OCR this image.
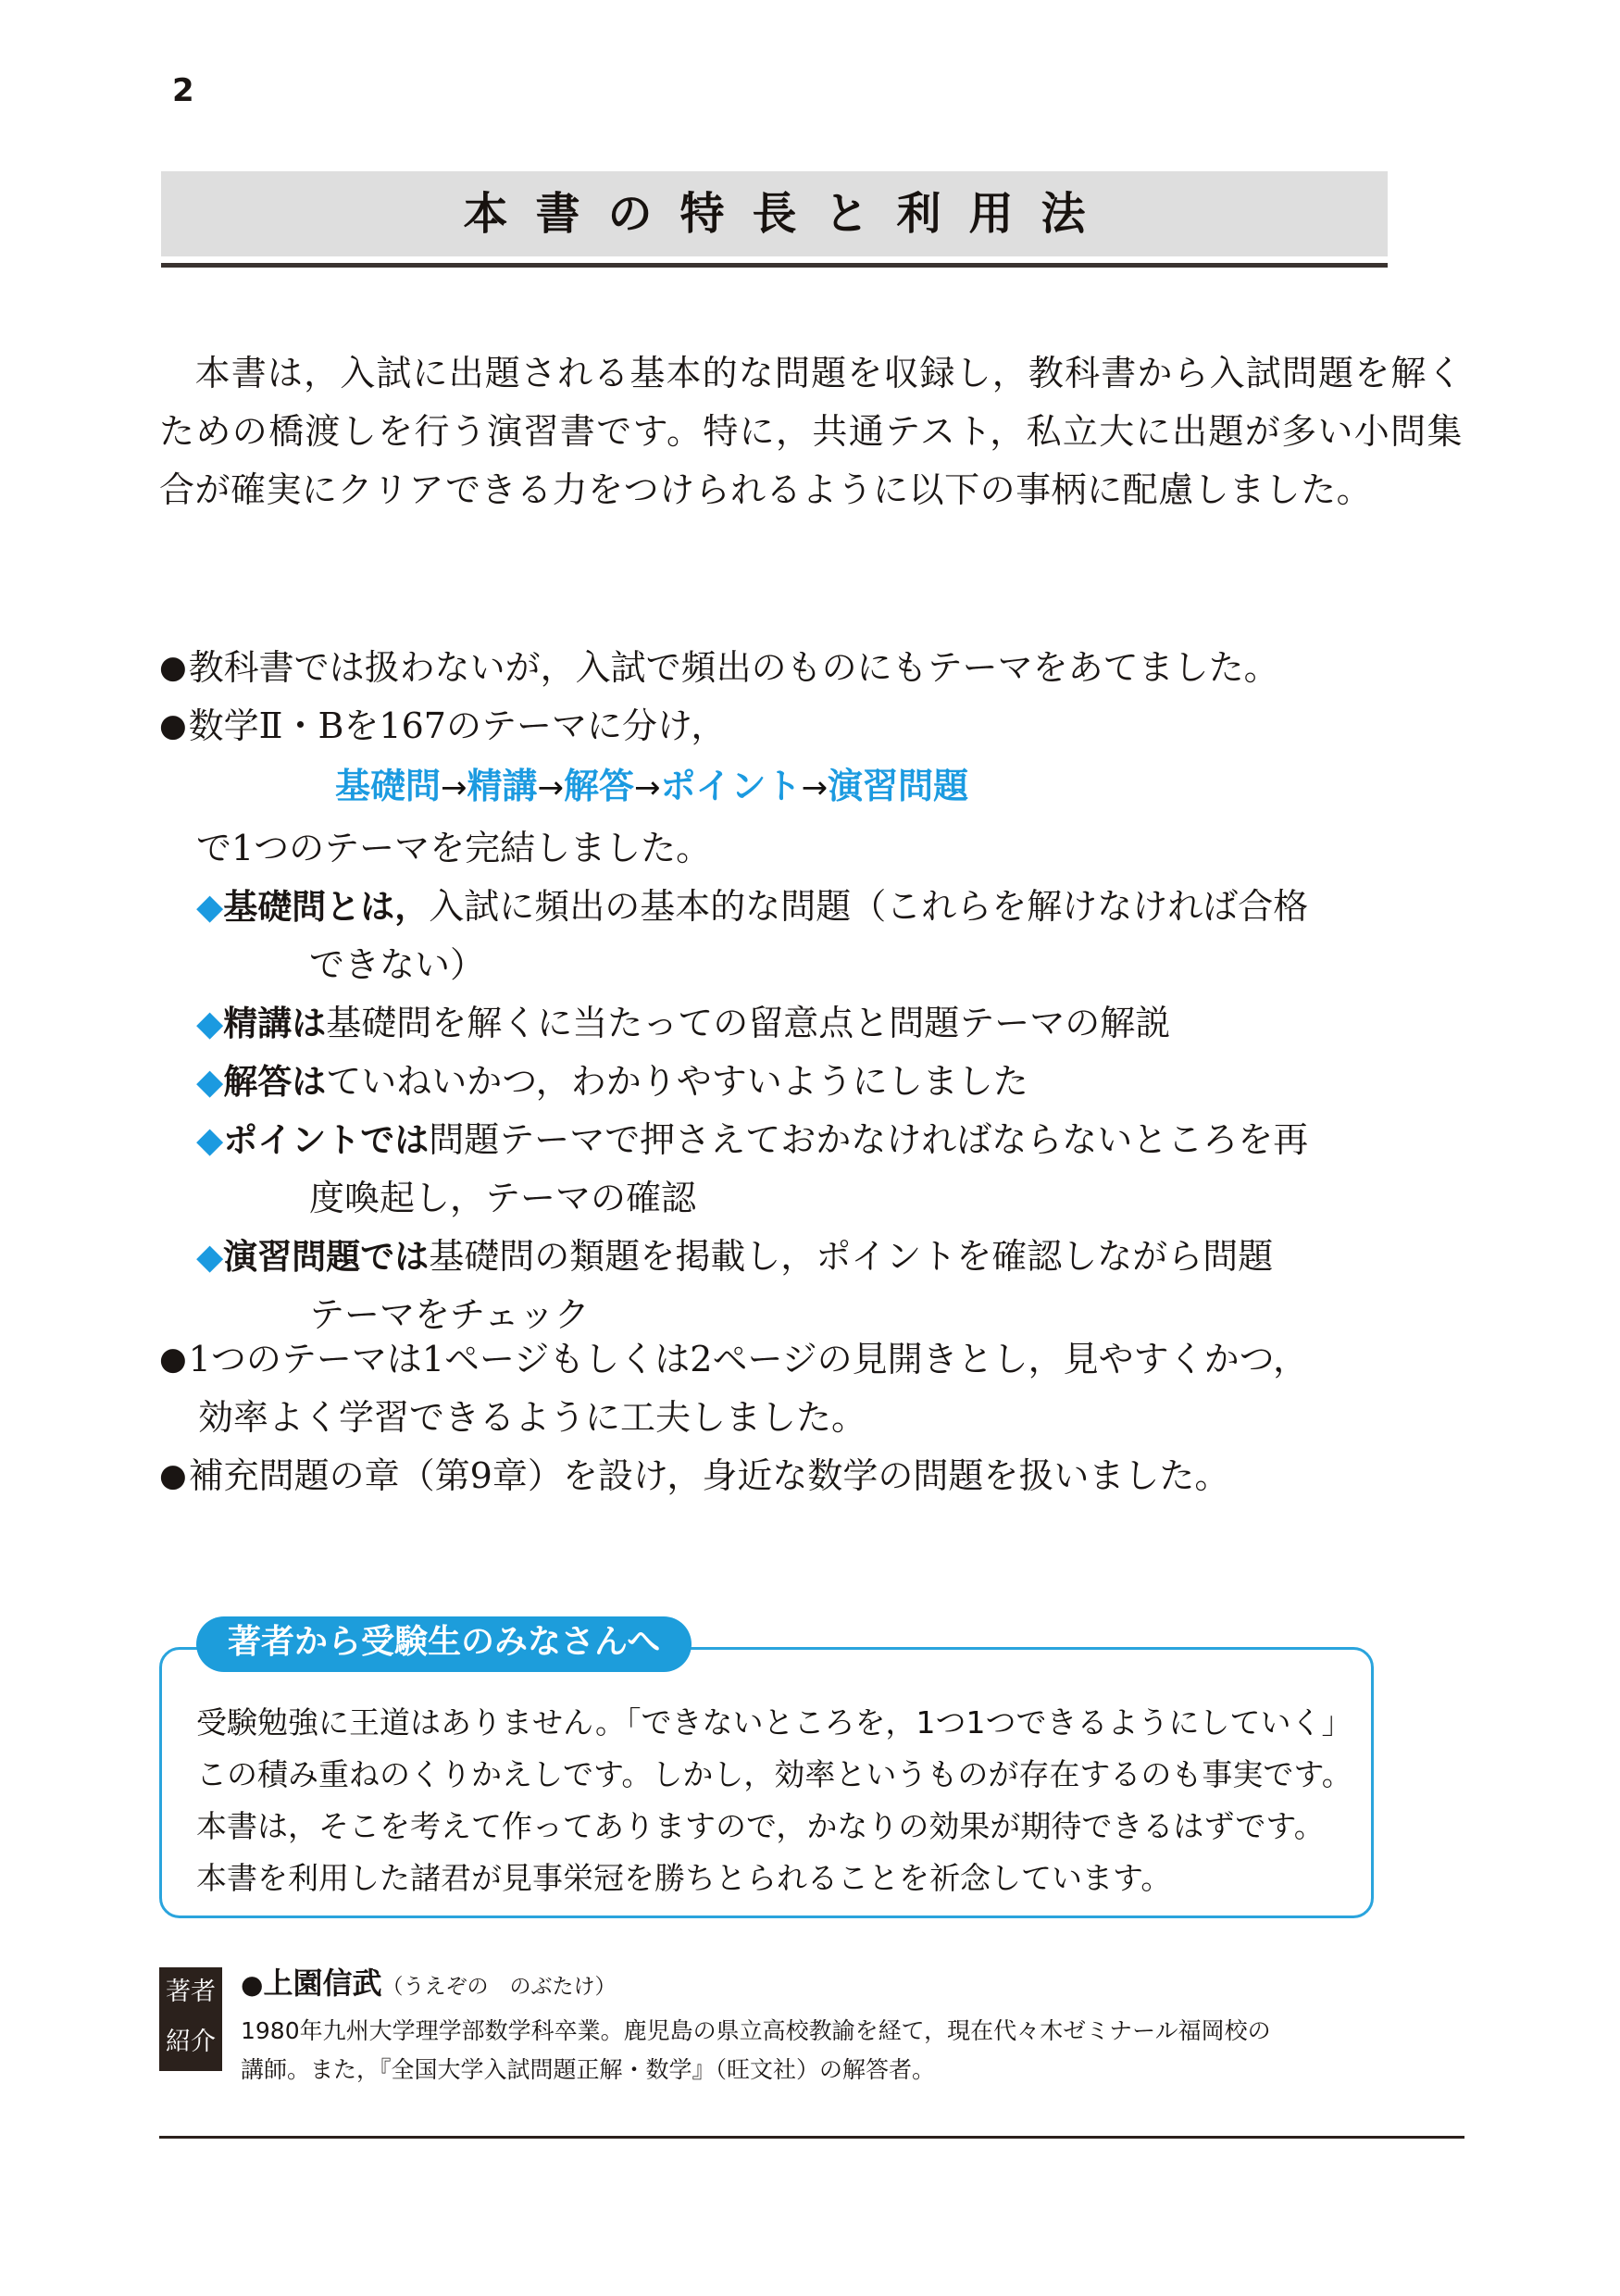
2
本書の特長と利用法
本書は，入試に出題される基本的な問題を収録し，教科書から入試問題を解くための橋渡しを行う演習書です。特に，共通テスト，私立大に出題が多い小問集合が確実にクリアできる力をつけられるように以下の事柄に配慮しました。
●教科書では扱わないが，入試で頻出のものにもテーマをあてました。
●数学Ⅱ・Bを167のテーマに分け，
基礎問→精講→解答→ポイント→演習問題
で1つのテーマを完結しました。
◆基礎問とは，入試に頻出の基本的な問題（これらを解けなければ合格
できない）
◆精講は基礎問を解くに当たっての留意点と問題テーマの解説
◆解答はていねいかつ，わかりやすいようにしました
◆ポイントでは問題テーマで押さえておかなければならないところを再
度喚起し，テーマの確認
◆演習問題では基礎問の類題を掲載し，ポイントを確認しながら問題
テーマをチェック
●1つのテーマは1ページもしくは2ページの見開きとし，見やすくかつ，
効率よく学習できるように工夫しました。
●補充問題の章（第9章）を設け，身近な数学の問題を扱いました。
著者から受験生のみなさんへ

受験勉強に王道はありません。「できないところを，1つ1つできるようにしていく」

この積み重ねのくりかえしです。しかし，効率というものが存在するのも事実です。

本書は，そこを考えて作ってありますので，かなりの効果が期待できるはずです。

本書を利用した諸君が見事栄冠を勝ちとられることを祈念しています。

著者
紹介
●上園信武（うえぞの　のぶたけ）
1980年九州大学理学部数学科卒業。鹿児島の県立高校教諭を経て，現在代々木ゼミナール福岡校の
講師。また，『全国大学入試問題正解・数学』（旺文社）の解答者。
